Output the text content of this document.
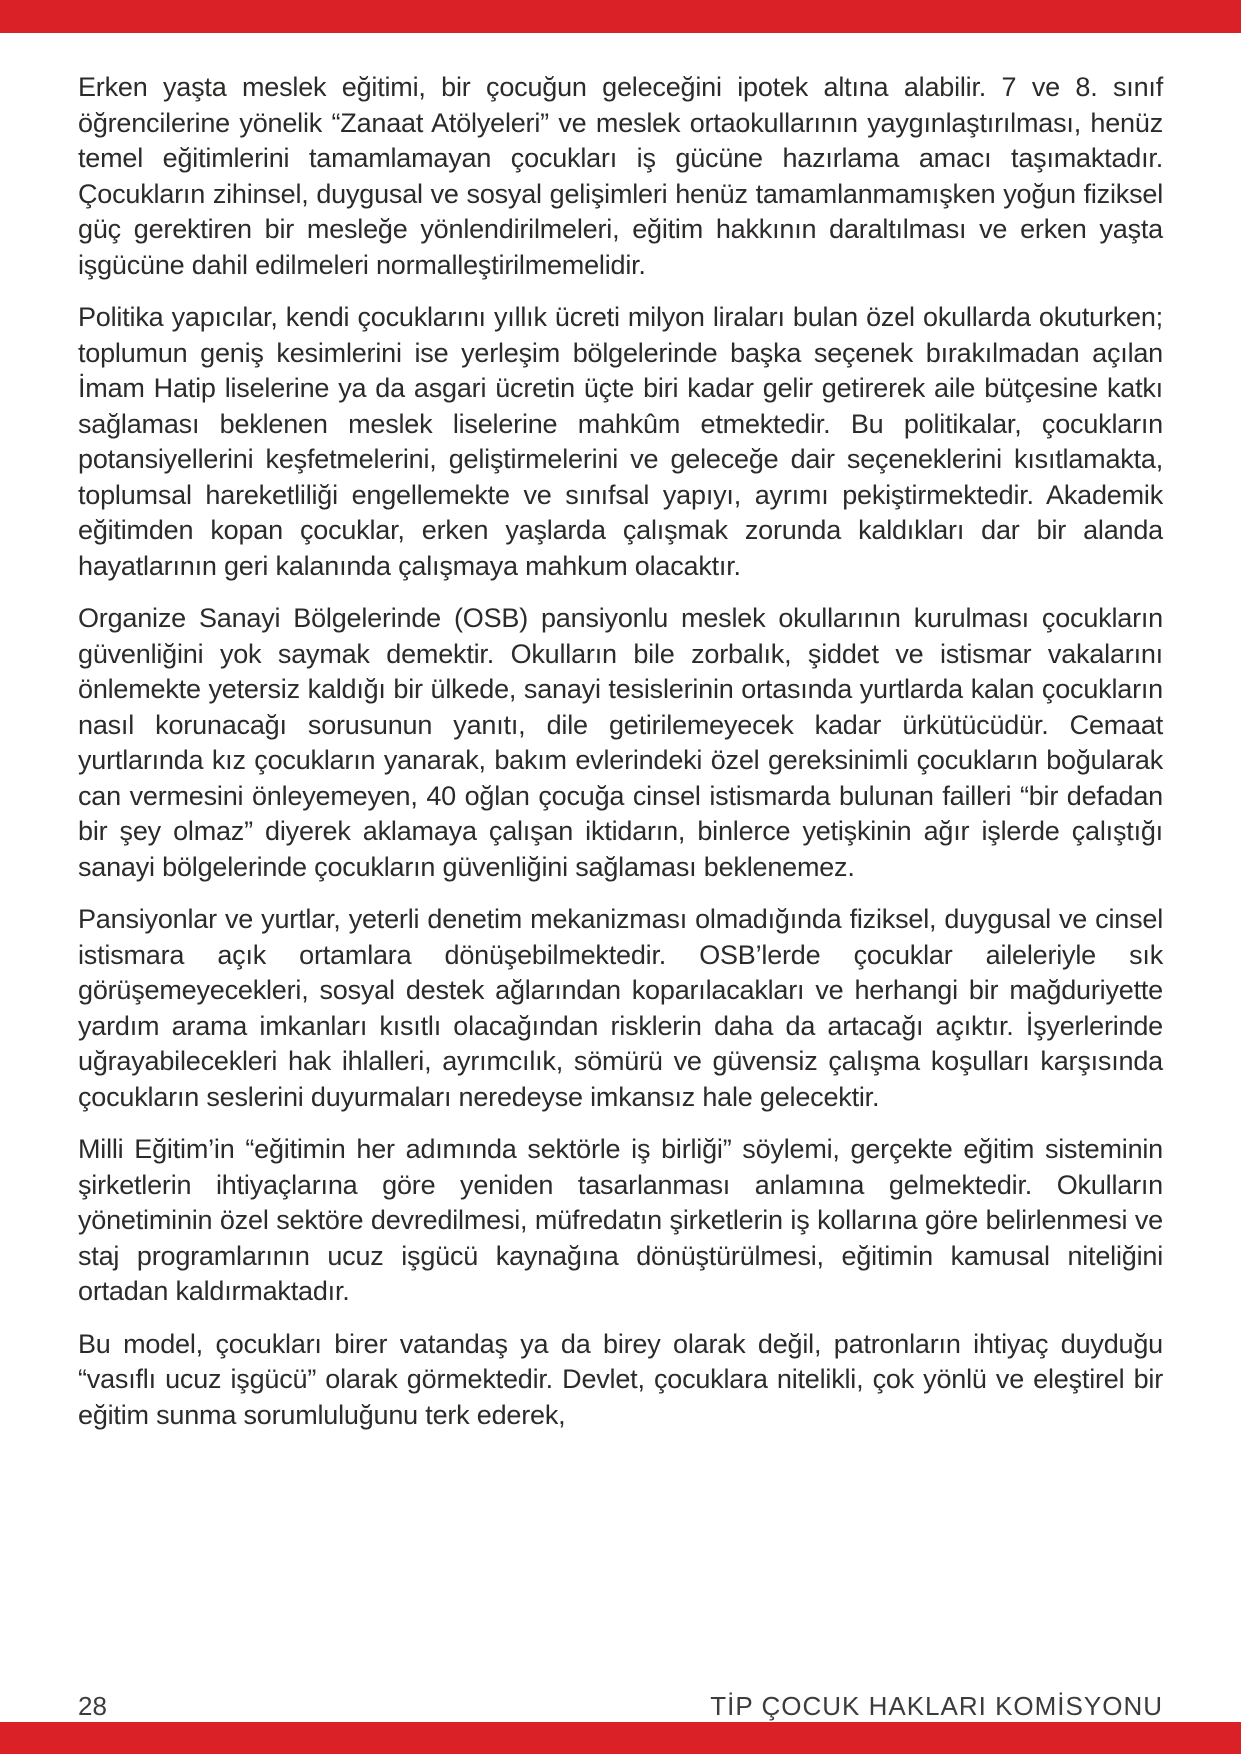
Erken yaşta meslek eğitimi, bir çocuğun geleceğini ipotek altına alabilir. 7 ve 8. sınıf öğrencilerine yönelik “Zanaat Atölyeleri” ve meslek ortaokullarının yaygınlaştırılması, henüz temel eğitimlerini tamamlamayan çocukları iş gücüne hazırlama amacı taşımaktadır. Çocukların zihinsel, duygusal ve sosyal gelişimleri henüz tamamlanmamışken yoğun fiziksel güç gerektiren bir mesleğe yönlendirilmeleri, eğitim hakkının daraltılması ve erken yaşta işgücüne dahil edilmeleri normalleştirilmemelidir.

Politika yapıcılar, kendi çocuklarını yıllık ücreti milyon liraları bulan özel okullarda okuturken; toplumun geniş kesimlerini ise yerleşim bölgelerinde başka seçenek bırakılmadan açılan İmam Hatip liselerine ya da asgari ücretin üçte biri kadar gelir getirerek aile bütçesine katkı sağlaması beklenen meslek liselerine mahkûm etmektedir. Bu politikalar, çocukların potansiyellerini keşfetmelerini, geliştirmelerini ve geleceğe dair seçeneklerini kısıtlamakta, toplumsal hareketliliği engellemekte ve sınıfsal yapıyı, ayrımı pekiştirmektedir. Akademik eğitimden kopan çocuklar, erken yaşlarda çalışmak zorunda kaldıkları dar bir alanda hayatlarının geri kalanında çalışmaya mahkum olacaktır.

Organize Sanayi Bölgelerinde (OSB) pansiyonlu meslek okullarının kurulması çocukların güvenliğini yok saymak demektir. Okulların bile zorbalık, şiddet ve istismar vakalarını önlemekte yetersiz kaldığı bir ülkede, sanayi tesislerinin ortasında yurtlarda kalan çocukların nasıl korunacağı sorusunun yanıtı, dile getirilemeyecek kadar ürkütücüdür. Cemaat yurtlarında kız çocukların yanarak, bakım evlerindeki özel gereksinimli çocukların boğularak can vermesini önleyemeyen, 40 oğlan çocuğa cinsel istismarda bulunan failleri “bir defadan bir şey olmaz” diyerek aklamaya çalışan iktidarın, binlerce yetişkinin ağır işlerde çalıştığı sanayi bölgelerinde çocukların güvenliğini sağlaması beklenemez.

Pansiyonlar ve yurtlar, yeterli denetim mekanizması olmadığında fiziksel, duygusal ve cinsel istismara açık ortamlara dönüşebilmektedir. OSB’lerde çocuklar aileleriyle sık görüşemeyecekleri, sosyal destek ağlarından koparılacakları ve herhangi bir mağduriyette yardım arama imkanları kısıtlı olacağından risklerin daha da artacağı açıktır. İşyerlerinde uğrayabilecekleri hak ihlalleri, ayrımcılık, sömürü ve güvensiz çalışma koşulları karşısında çocukların seslerini duyurmaları neredeyse imkansız hale gelecektir.

Milli Eğitim’in “eğitimin her adımında sektörle iş birliği” söylemi, gerçekte eğitim sisteminin şirketlerin ihtiyaçlarına göre yeniden tasarlanması anlamına gelmektedir. Okulların yönetiminin özel sektöre devredilmesi, müfredatın şirketlerin iş kollarına göre belirlenmesi ve staj programlarının ucuz işgücü kaynağına dönüştürülmesi, eğitimin kamusal niteliğini ortadan kaldırmaktadır.

Bu model, çocukları birer vatandaş ya da birey olarak değil, patronların ihtiyaç duyduğu “vasıflı ucuz işgücü” olarak görmektedir. Devlet, çocuklara nitelikli, çok yönlü ve eleştirel bir eğitim sunma sorumluluğunu terk ederek,

28	TİP ÇOCUK HAKLARI KOMİSYONU
